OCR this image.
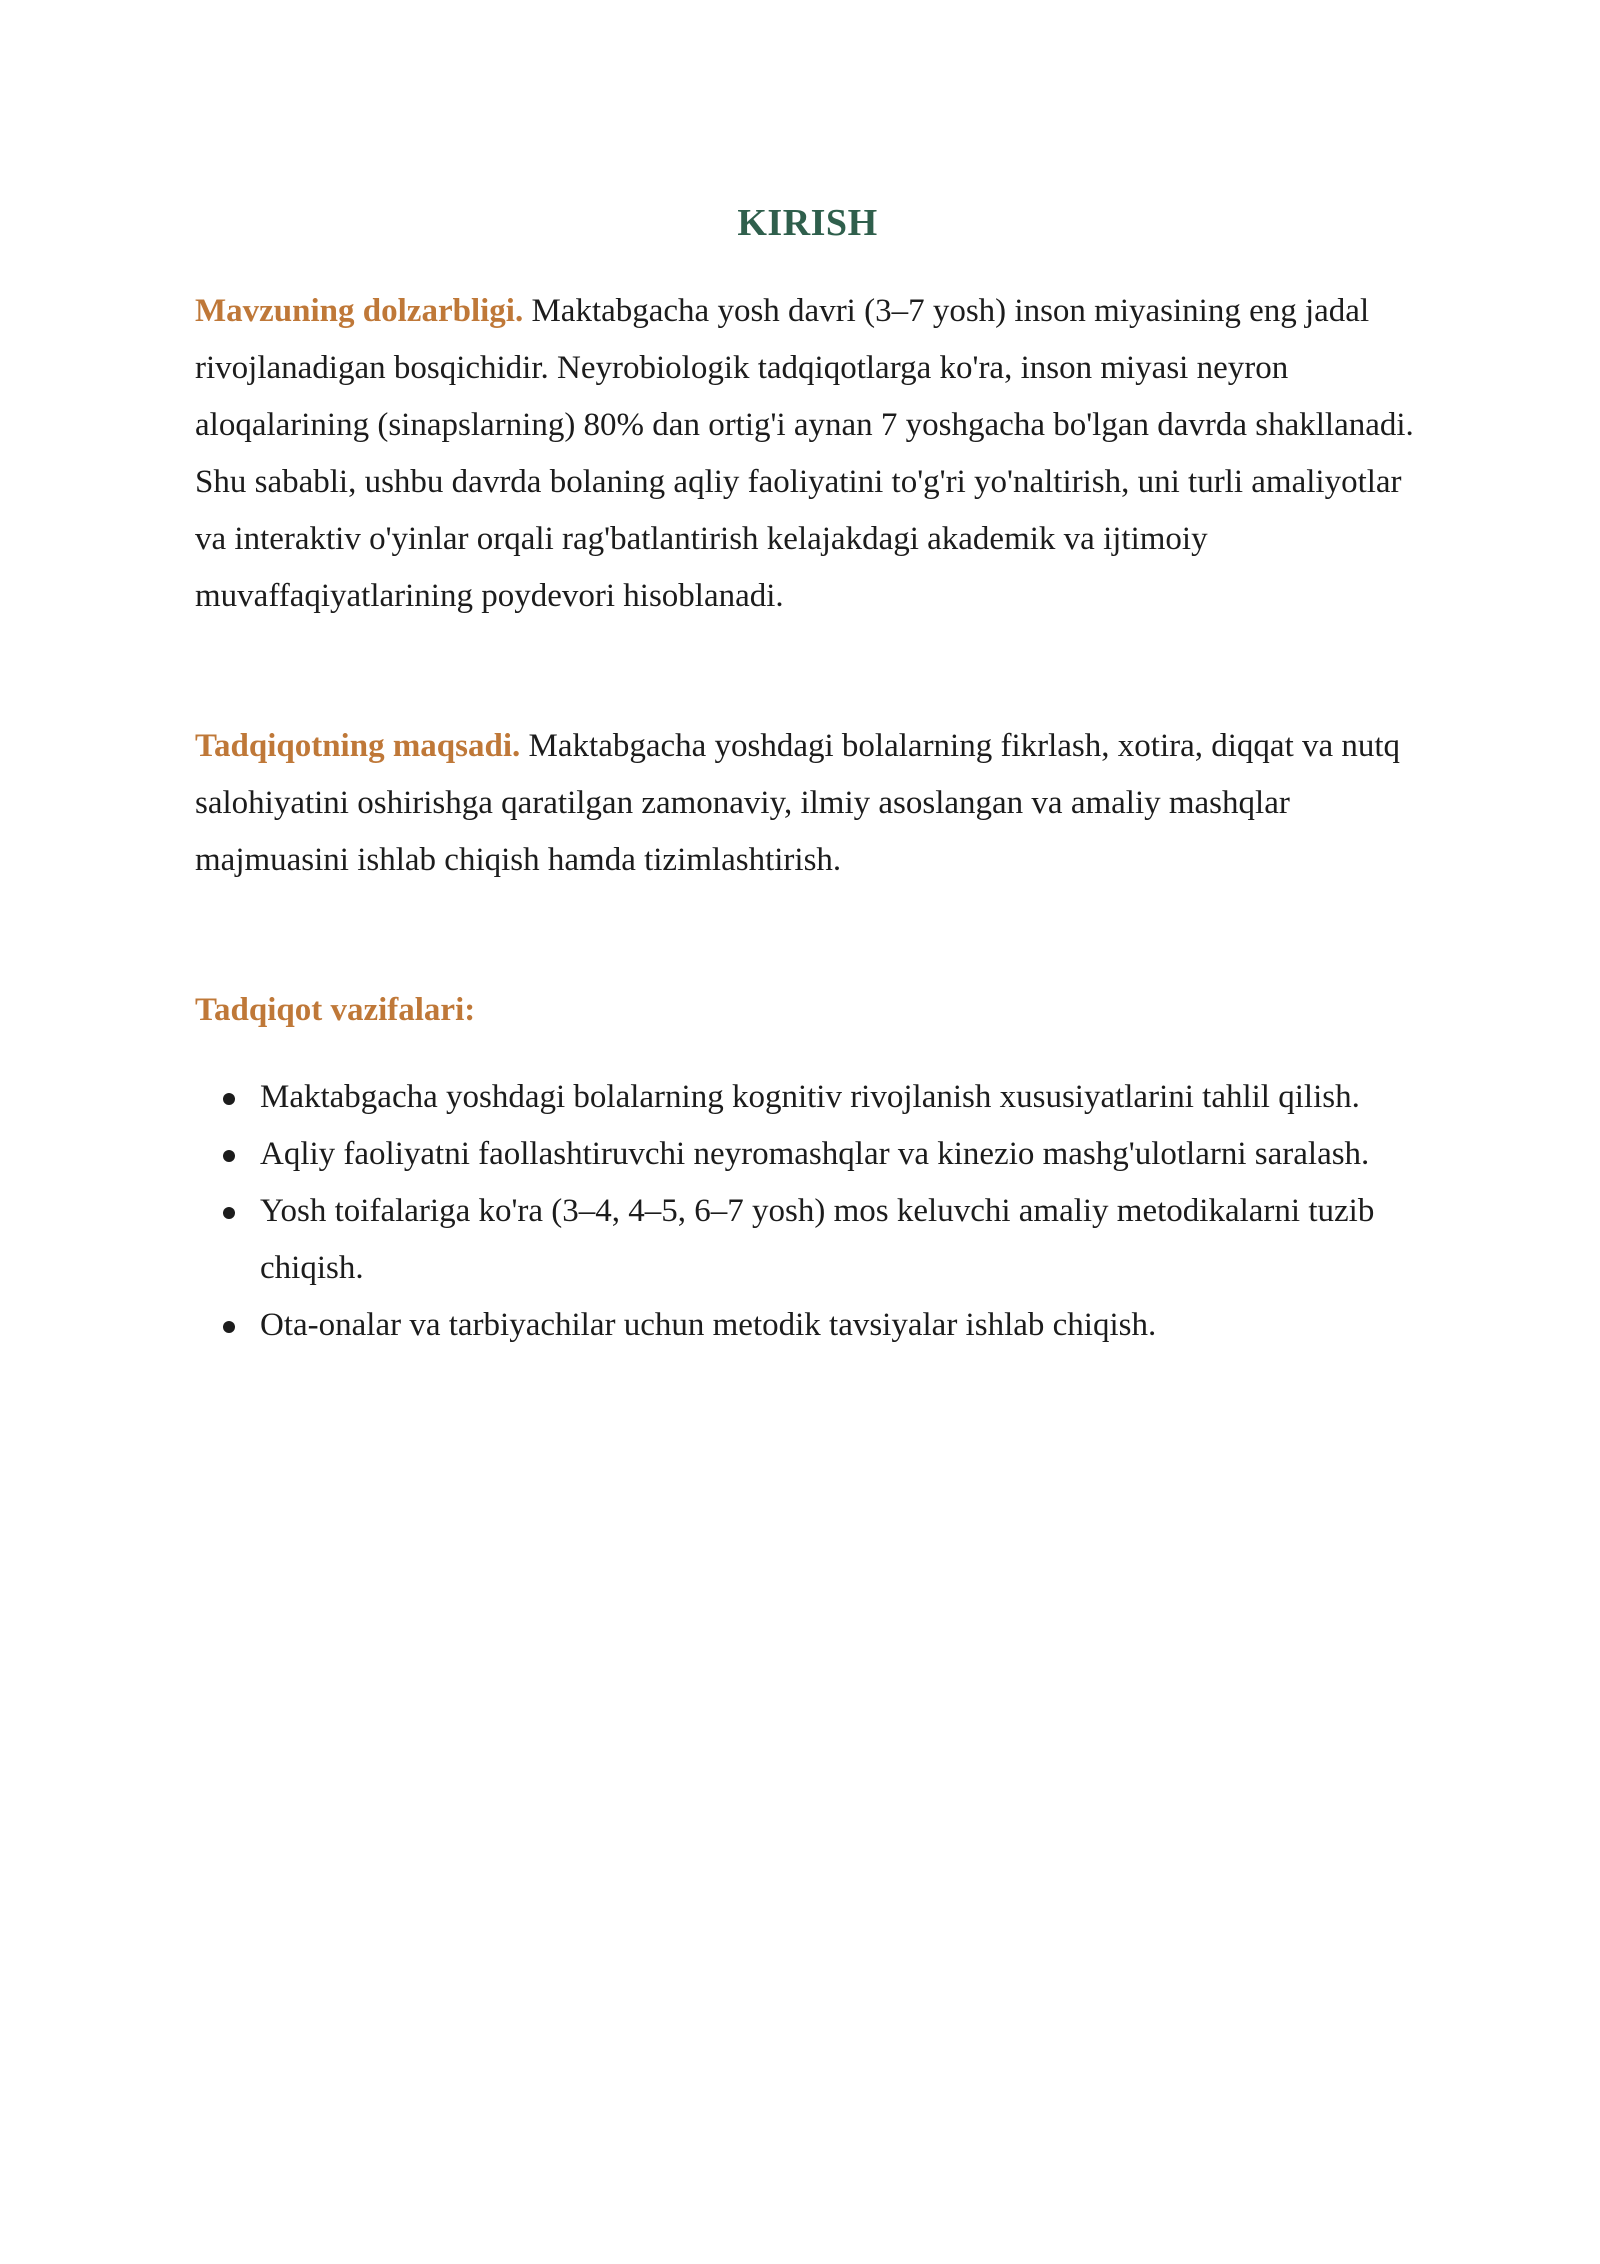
KIRISH

Mavzuning dolzarbligi. Maktabgacha yosh davri (3–7 yosh) inson miyasining eng jadal rivojlanadigan bosqichidir. Neyrobiologik tadqiqotlarga ko'ra, inson miyasi neyron aloqalarining (sinapslarning) 80% dan ortig'i aynan 7 yoshgacha bo'lgan davrda shakllanadi. Shu sababli, ushbu davrda bolaning aqliy faoliyatini to'g'ri yo'naltirish, uni turli amaliyotlar va interaktiv o'yinlar orqali rag'batlantirish kelajakdagi akademik va ijtimoiy muvaffaqiyatlarining poydevori hisoblanadi.

Tadqiqotning maqsadi. Maktabgacha yoshdagi bolalarning fikrlash, xotira, diqqat va nutq salohiyatini oshirishga qaratilgan zamonaviy, ilmiy asoslangan va amaliy mashqlar majmuasini ishlab chiqish hamda tizimlashtirish.

Tadqiqot vazifalari:
Maktabgacha yoshdagi bolalarning kognitiv rivojlanish xususiyatlarini tahlil qilish.
Aqliy faoliyatni faollashtiruvchi neyromashqlar va kinezio mashg'ulotlarni saralash.
Yosh toifalariga ko'ra (3–4, 4–5, 6–7 yosh) mos keluvchi amaliy metodikalarni tuzib chiqish.
Ota-onalar va tarbiyachilar uchun metodik tavsiyalar ishlab chiqish.
